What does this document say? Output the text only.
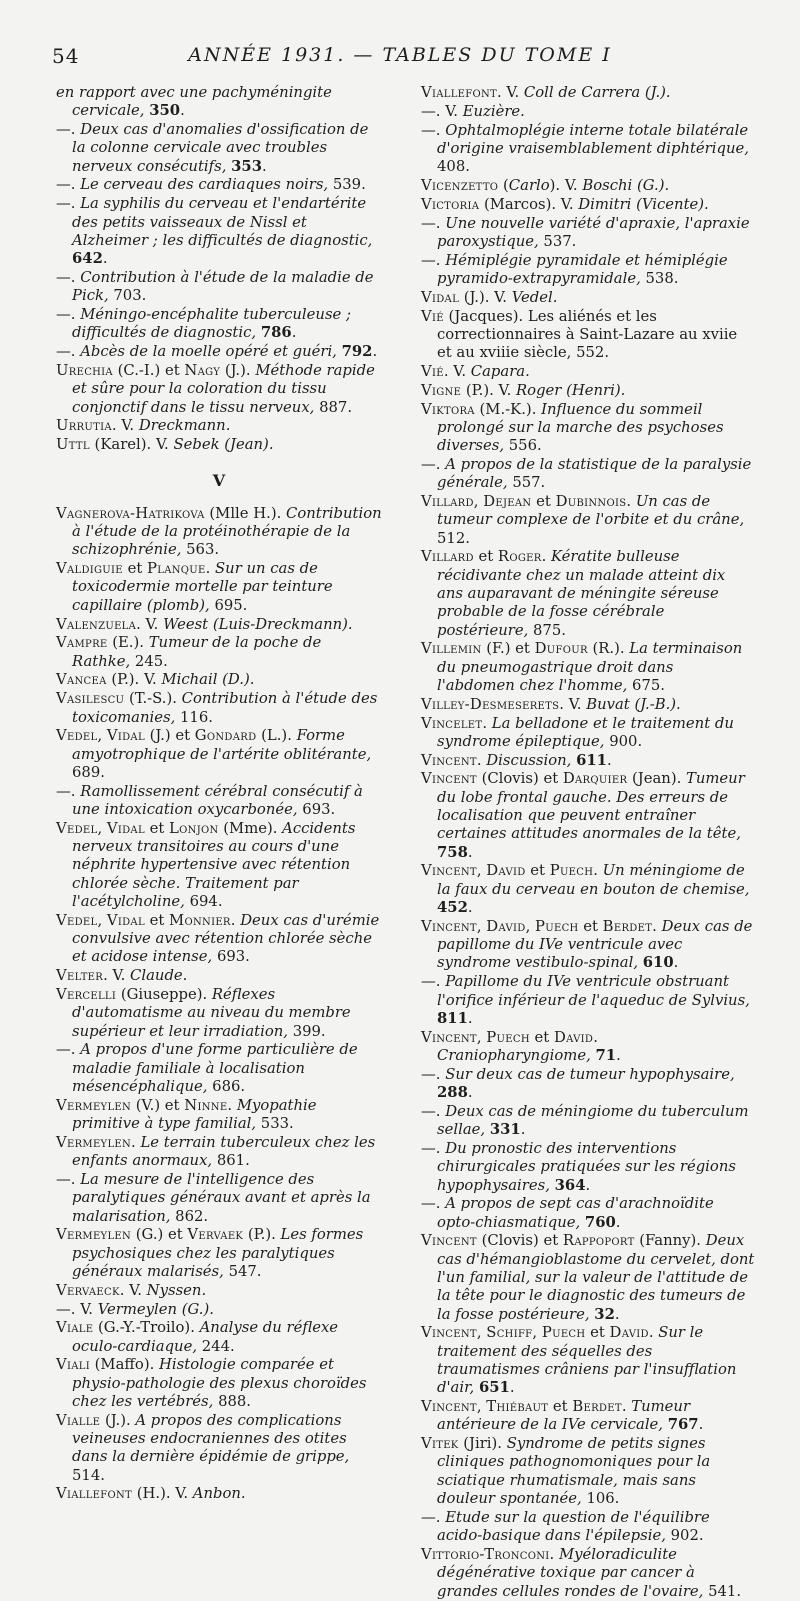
54	ANNÉE 1931. — TABLES DU TOME I

en rapport avec une pachyméningite cervicale, 350.

—. Deux cas d'anomalies d'ossification de la colonne cervicale avec troubles nerveux consécutifs, 353.

—. Le cerveau des cardiaques noirs, 539.

—. La syphilis du cerveau et l'endartérite des petits vaisseaux de Nissl et Alzheimer ; les difficultés de diagnostic, 642.

—. Contribution à l'étude de la maladie de Pick, 703.

—. Méningo-encéphalite tuberculeuse ; difficultés de diagnostic, 786.

—. Abcès de la moelle opéré et guéri, 792.

Urechia (C.-I.) et Nagy (J.). Méthode rapide et sûre pour la coloration du tissu conjonctif dans le tissu nerveux, 887.

Urrutia. V. Dreckmann.

Uttl (Karel). V. Sebek (Jean).

V

Vagnerova-Hatrikova (Mlle H.). Contribution à l'étude de la protéinothérapie de la schizophrénie, 563.

Valdiguie et Planque. Sur un cas de toxicodermie mortelle par teinture capillaire (plomb), 695.

Valenzuela. V. Weest (Luis-Dreckmann).

Vampre (E.). Tumeur de la poche de Rathke, 245.

Vancea (P.). V. Michail (D.).

Vasilescu (T.-S.). Contribution à l'étude des toxicomanies, 116.

Vedel, Vidal (J.) et Gondard (L.). Forme amyotrophique de l'artérite oblitérante, 689.

—. Ramollissement cérébral consécutif à une intoxication oxycarbonée, 693.

Vedel, Vidal et Lonjon (Mme). Accidents nerveux transitoires au cours d'une néphrite hypertensive avec rétention chlorée sèche. Traitement par l'acétylcholine, 694.

Vedel, Vidal et Monnier. Deux cas d'urémie convulsive avec rétention chlorée sèche et acidose intense, 693.

Velter. V. Claude.

Vercelli (Giuseppe). Réflexes d'automatisme au niveau du membre supérieur et leur irradiation, 399.

—. A propos d'une forme particulière de maladie familiale à localisation mésencéphalique, 686.

Vermeylen (V.) et Ninne. Myopathie primitive à type familial, 533.

Vermeylen. Le terrain tuberculeux chez les enfants anormaux, 861.

—. La mesure de l'intelligence des paralytiques généraux avant et après la malarisation, 862.

Vermeylen (G.) et Vervaek (P.). Les formes psychosiques chez les paralytiques généraux malarisés, 547.

Vervaeck. V. Nyssen.

—. V. Vermeylen (G.).

Viale (G.-Y.-Troilo). Analyse du réflexe oculo-cardiaque, 244.

Viali (Maffo). Histologie comparée et physio-pathologie des plexus choroïdes chez les vertébrés, 888.

Vialle (J.). A propos des complications veineuses endocraniennes des otites dans la dernière épidémie de grippe, 514.

Viallefont (H.). V. Anbon.

Viallefont. V. Coll de Carrera (J.).

—. V. Euzière.

—. Ophtalmoplégie interne totale bilatérale d'origine vraisemblablement diphtérique, 408.

Vicenzetto (Carlo). V. Boschi (G.).

Victoria (Marcos). V. Dimitri (Vicente).

—. Une nouvelle variété d'apraxie, l'apraxie paroxystique, 537.

—. Hémiplégie pyramidale et hémiplégie pyramido-extrapyramidale, 538.

Vidal (J.). V. Vedel.

Vié (Jacques). Les aliénés et les correctionnaires à Saint-Lazare au xviie et au xviiie siècle, 552.

Vié. V. Capara.

Vigne (P.). V. Roger (Henri).

Viktora (M.-K.). Influence du sommeil prolongé sur la marche des psychoses diverses, 556.

—. A propos de la statistique de la paralysie générale, 557.

Villard, Dejean et Dubinnois. Un cas de tumeur complexe de l'orbite et du crâne, 512.

Villard et Roger. Kératite bulleuse récidivante chez un malade atteint dix ans auparavant de méningite séreuse probable de la fosse cérébrale postérieure, 875.

Villemin (F.) et Dufour (R.). La terminaison du pneumogastrique droit dans l'abdomen chez l'homme, 675.

Villey-Desmeserets. V. Buvat (J.-B.).

Vincelet. La belladone et le traitement du syndrome épileptique, 900.

Vincent. Discussion, 611.

Vincent (Clovis) et Darquier (Jean). Tumeur du lobe frontal gauche. Des erreurs de localisation que peuvent entraîner certaines attitudes anormales de la tête, 758.

Vincent, David et Puech. Un méningiome de la faux du cerveau en bouton de chemise, 452.

Vincent, David, Puech et Berdet. Deux cas de papillome du IVe ventricule avec syndrome vestibulo-spinal, 610.

—. Papillome du IVe ventricule obstruant l'orifice inférieur de l'aqueduc de Sylvius, 811.

Vincent, Puech et David. Craniopharyngiome, 71.

—. Sur deux cas de tumeur hypophysaire, 288.

—. Deux cas de méningiome du tuberculum sellae, 331.

—. Du pronostic des interventions chirurgicales pratiquées sur les régions hypophysaires, 364.

—. A propos de sept cas d'arachnoïdite opto-chiasmatique, 760.

Vincent (Clovis) et Rappoport (Fanny). Deux cas d'hémangioblastome du cervelet, dont l'un familial, sur la valeur de l'attitude de la tête pour le diagnostic des tumeurs de la fosse postérieure, 32.

Vincent, Schiff, Puech et David. Sur le traitement des séquelles des traumatismes crâniens par l'insufflation d'air, 651.

Vincent, Thiébaut et Berdet. Tumeur antérieure de la IVe cervicale, 767.

Vitek (Jiri). Syndrome de petits signes cliniques pathognomoniques pour la sciatique rhumatismale, mais sans douleur spontanée, 106.

—. Etude sur la question de l'équilibre acido-basique dans l'épilepsie, 902.

Vittorio-Tronconi. Myéloradiculite dégénérative toxique par cancer à grandes cellules rondes de l'ovaire, 541.
